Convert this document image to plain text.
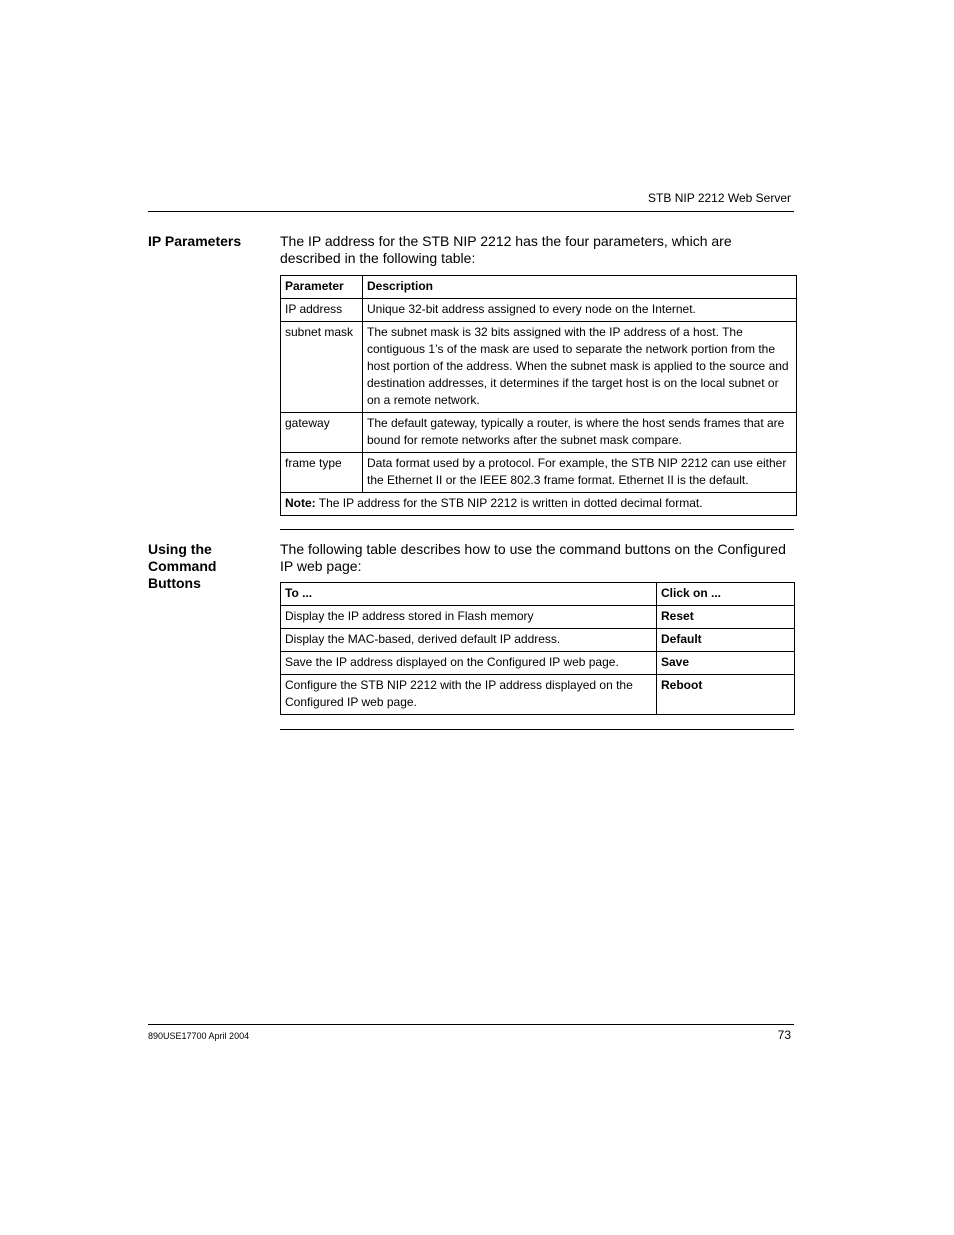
STB NIP 2212 Web Server
IP Parameters	The IP address for the STB NIP 2212 has the four parameters, which are described in the following table:
Parameter	Description
IP address	Unique 32-bit address assigned to every node on the Internet.
subnet mask	The subnet mask is 32 bits assigned with the IP address of a host. The contiguous 1’s of the mask are used to separate the network portion from the host portion of the address. When the subnet mask is applied to the source and destination addresses, it determines if the target host is on the local subnet or on a remote network.
gateway	The default gateway, typically a router, is where the host sends frames that are bound for remote networks after the subnet mask compare.
frame type	Data format used by a protocol. For example, the STB NIP 2212 can use either the Ethernet II or the IEEE 802.3 frame format. Ethernet II is the default.
Note: The IP address for the STB NIP 2212 is written in dotted decimal format.	
Using the Command Buttons
The following table describes how to use the command buttons on the Configured IP web page:
To ...	Click on ...
Display the IP address stored in Flash memory	Reset
Display the MAC-based, derived default IP address.	Default
Save the IP address displayed on the Configured IP web page.	Save
Configure the STB NIP 2212 with the IP address displayed on the Configured IP web page.	Reboot
890USE17700 April 2004	73
